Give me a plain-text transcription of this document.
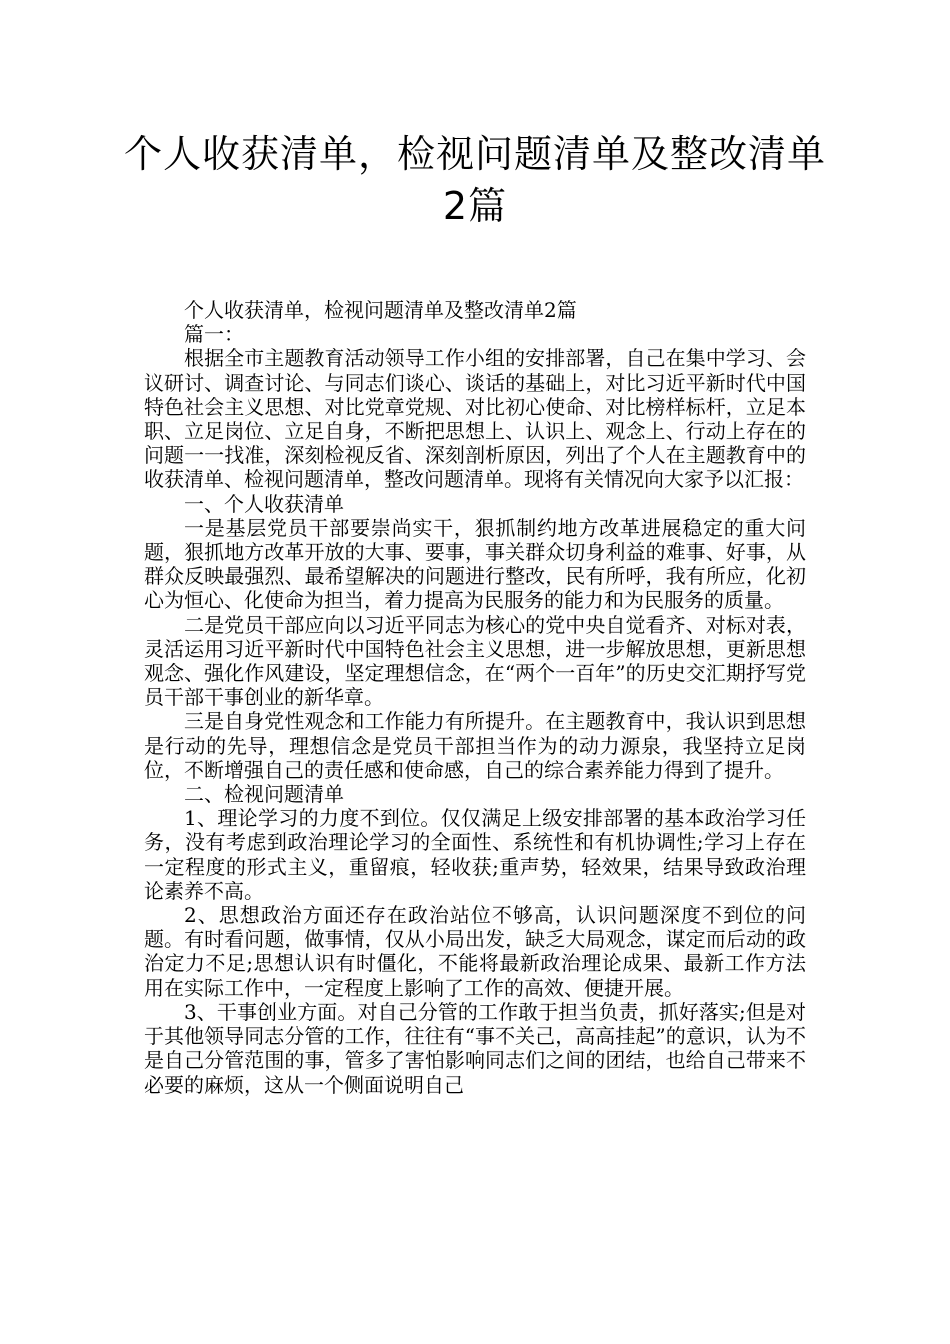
个人收获清单，检视问题清单及整改清单2篇

个人收获清单，检视问题清单及整改清单2篇

篇一：

根据全市主题教育活动领导工作小组的安排部署，自己在集中学习、会议研讨、调查讨论、与同志们谈心、谈话的基础上，对比习近平新时代中国特色社会主义思想、对比党章党规、对比初心使命、对比榜样标杆，立足本职、立足岗位、立足自身，不断把思想上、认识上、观念上、行动上存在的问题一一找准，深刻检视反省、深刻剖析原因，列出了个人在主题教育中的收获清单、检视问题清单，整改问题清单。现将有关情况向大家予以汇报：

一、个人收获清单

一是基层党员干部要崇尚实干，狠抓制约地方改革进展稳定的重大问题，狠抓地方改革开放的大事、要事，事关群众切身利益的难事、好事，从群众反映最强烈、最希望解决的问题进行整改，民有所呼，我有所应，化初心为恒心、化使命为担当，着力提高为民服务的能力和为民服务的质量。

二是党员干部应向以习近平同志为核心的党中央自觉看齐、对标对表，灵活运用习近平新时代中国特色社会主义思想，进一步解放思想，更新思想观念、强化作风建设，坚定理想信念，在“两个一百年”的历史交汇期抒写党员干部干事创业的新华章。

三是自身党性观念和工作能力有所提升。在主题教育中，我认识到思想是行动的先导，理想信念是党员干部担当作为的动力源泉，我坚持立足岗位，不断增强自己的责任感和使命感，自己的综合素养能力得到了提升。

二、检视问题清单

1、理论学习的力度不到位。仅仅满足上级安排部署的基本政治学习任务，没有考虑到政治理论学习的全面性、系统性和有机协调性;学习上存在一定程度的形式主义，重留痕，轻收获;重声势，轻效果，结果导致政治理论素养不高。

2、思想政治方面还存在政治站位不够高，认识问题深度不到位的问题。有时看问题，做事情，仅从小局出发，缺乏大局观念，谋定而后动的政治定力不足;思想认识有时僵化，不能将最新政治理论成果、最新工作方法用在实际工作中，一定程度上影响了工作的高效、便捷开展。

3、干事创业方面。对自己分管的工作敢于担当负责，抓好落实;但是对于其他领导同志分管的工作，往往有“事不关己，高高挂起”的意识，认为不是自己分管范围的事，管多了害怕影响同志们之间的团结，也给自己带来不必要的麻烦，这从一个侧面说明自己
